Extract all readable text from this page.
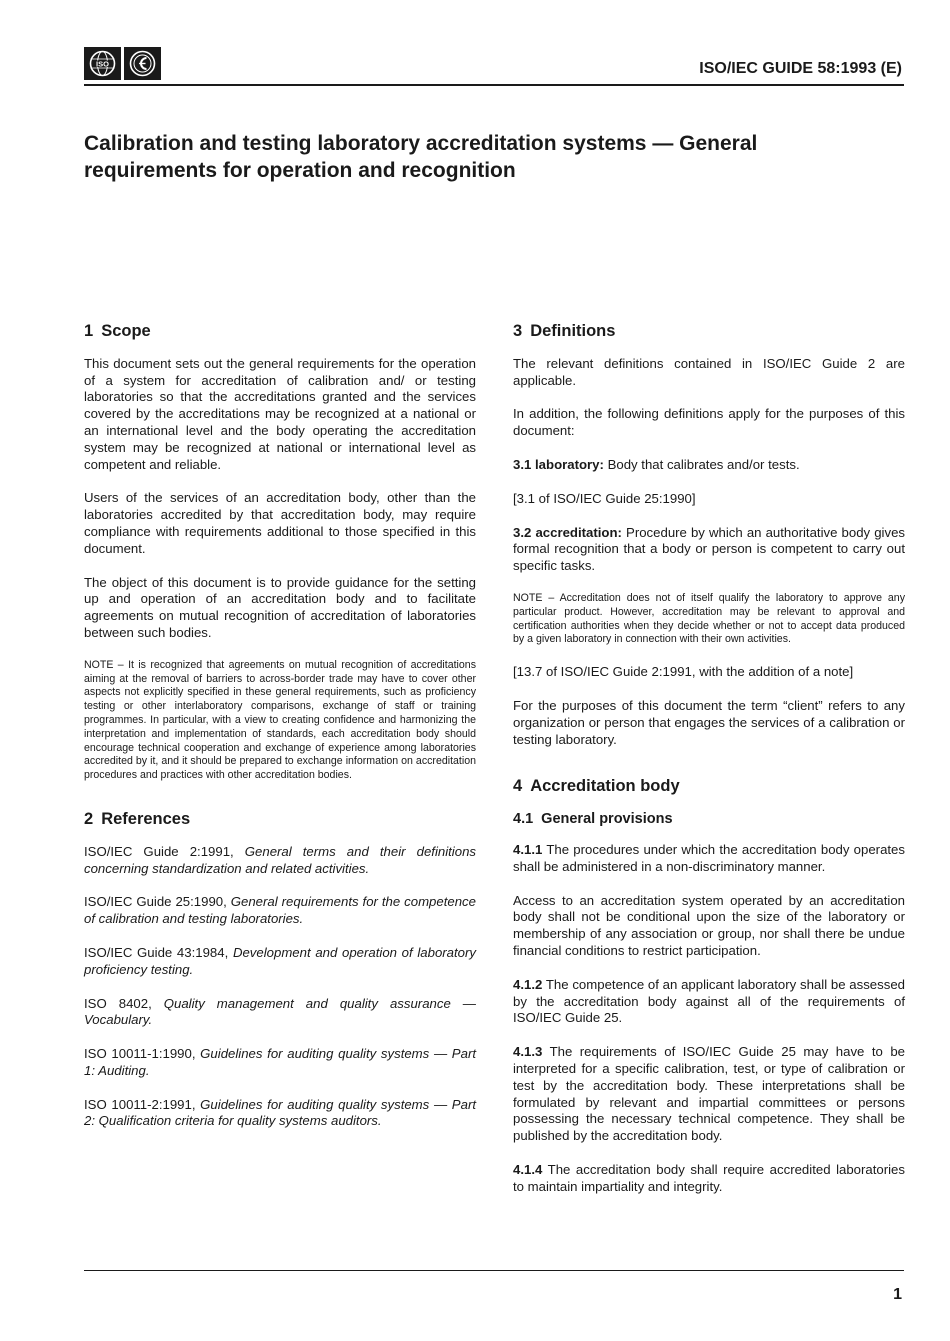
ISO	ISO/IEC GUIDE 58:1993 (E)
Calibration and testing laboratory accreditation systems — General requirements for operation and recognition
1 Scope

This document sets out the general requirements for the operation of a system for accreditation of calibration and/ or testing laboratories so that the accreditations granted and the services covered by the accreditations may be recognized at a national or an international level and the body operating the accreditation system may be recognized at national or international level as competent and reliable.

Users of the services of an accreditation body, other than the laboratories accredited by that accreditation body, may require compliance with requirements additional to those specified in this document.

The object of this document is to provide guidance for the setting up and operation of an accreditation body and to facilitate agreements on mutual recognition of accreditation of laboratories between such bodies.

NOTE – It is recognized that agreements on mutual recognition of accreditations aiming at the removal of barriers to across-border trade may have to cover other aspects not explicitly specified in these general requirements, such as proficiency testing or other interlaboratory comparisons, exchange of staff or training programmes. In particular, with a view to creating confidence and harmonizing the interpretation and implementation of standards, each accreditation body should encourage technical cooperation and exchange of experience among laboratories accredited by it, and it should be prepared to exchange information on accreditation procedures and practices with other accreditation bodies.
2 References
ISO/IEC Guide 2:1991, General terms and their definitions concerning standardization and related activities.
ISO/IEC Guide 25:1990, General requirements for the competence of calibration and testing laboratories.
ISO/IEC Guide 43:1984, Development and operation of laboratory proficiency testing.
ISO 8402, Quality management and quality assurance — Vocabulary.
ISO 10011-1:1990, Guidelines for auditing quality systems — Part 1: Auditing.
ISO 10011-2:1991, Guidelines for auditing quality systems — Part 2: Qualification criteria for quality systems auditors.
3 Definitions

The relevant definitions contained in ISO/IEC Guide 2 are applicable.

In addition, the following definitions apply for the purposes of this document:

3.1 laboratory: Body that calibrates and/or tests.

[3.1 of ISO/IEC Guide 25:1990]

3.2 accreditation: Procedure by which an authoritative body gives formal recognition that a body or person is competent to carry out specific tasks.

NOTE – Accreditation does not of itself qualify the laboratory to approve any particular product. However, accreditation may be relevant to approval and certification authorities when they decide whether or not to accept data produced by a given laboratory in connection with their own activities.

[13.7 of ISO/IEC Guide 2:1991, with the addition of a note]

For the purposes of this document the term “client” refers to any organization or person that engages the services of a calibration or testing laboratory.

4 Accreditation body
4.1 General provisions

4.1.1 The procedures under which the accreditation body operates shall be administered in a non-discriminatory manner.

Access to an accreditation system operated by an accreditation body shall not be conditional upon the size of the laboratory or membership of any association or group, nor shall there be undue financial conditions to restrict participation.

4.1.2 The competence of an applicant laboratory shall be assessed by the accreditation body against all of the requirements of ISO/IEC Guide 25.

4.1.3 The requirements of ISO/IEC Guide 25 may have to be interpreted for a specific calibration, test, or type of calibration or test by the accreditation body. These interpretations shall be formulated by relevant and impartial committees or persons possessing the necessary technical competence. They shall be published by the accreditation body.

4.1.4 The accreditation body shall require accredited laboratories to maintain impartiality and integrity.

1
